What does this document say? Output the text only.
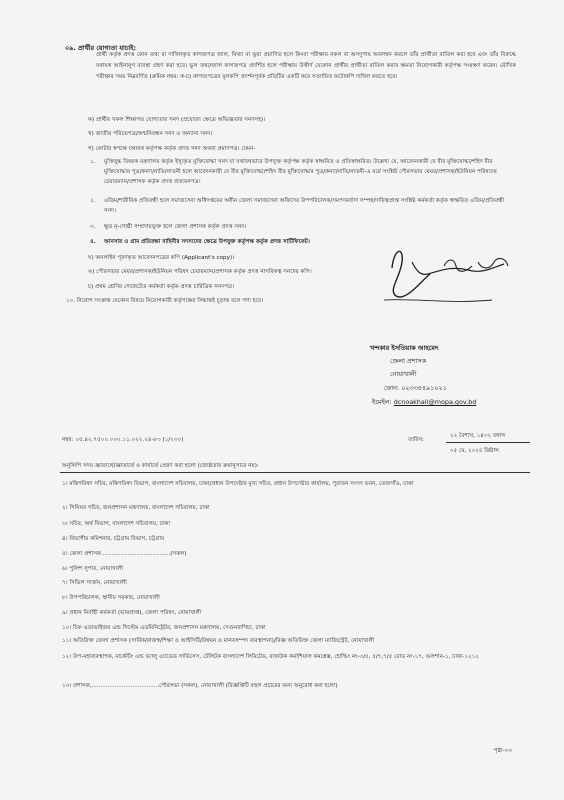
০৯. প্রার্থীর যোগ্যতা যাচাই:
প্রার্থী কর্তৃক প্রদত্ত কোন তথ্য বা দাখিলকৃত কাগজপত্র জাল, মিথ্যা বা ভুয়া প্রমাণিত হলে কিংবা পরীক্ষায় নকল বা অসদুপায় অবলম্বন করলে তাঁর প্রার্থীতা বাতিল করা হবে এবং তাঁর বিরুদ্ধে যথাযথ আইনানুগ ব্যবস্থা গ্রহণ করা হবে। ভুল তথ্য/জাল কাগজপত্র প্রদর্শিত হলে পরীক্ষায় উত্তীর্ণ যেকোন প্রার্থীর প্রার্থীতা বাতিল করার ক্ষমতা নিয়োগকারী কর্তৃপক্ষ সংরক্ষণ করেন। মৌখিক পরীক্ষার সময় নিম্নবর্ণিত (ক্রমিক নম্বর: ক-চ) কাগজপত্রের মূলকপি প্রদর্শনপূর্বক প্রতিটির একটি করে সত্যায়িত ফটোকপি দাখিল করতে হবে।
ক) প্রার্থীর সকল শিক্ষাগত যোগ্যতার সনদ (প্রযোজ্য ক্ষেত্রে অভিজ্ঞতার সনদসহ)।
খ) জাতীয় পরিচয়পত্র/জন্মনিবন্ধন সনদ ও অন্যান্য সনদ।
গ) কোটার স্বপক্ষে যথাযথ কর্তৃপক্ষ কর্তৃক প্রদত্ত সনদ অথবা প্রমাণপত্র। যেমন-
১. মুক্তিযুদ্ধ বিষয়ক মন্ত্রণালয় কর্তৃক ইস্যুকৃত মুক্তিযোদ্ধা সনদ যা যথাযথভাবে উপযুক্ত কর্তৃপক্ষ কর্তৃক স্বাক্ষরিত ও প্রতিস্বাক্ষরিত। উল্লেখ্য যে, আবেদনকারী যে বীর মুক্তিযোদ্ধা/শহিদ বীর মুক্তিযোদ্ধার পুত্র/কন্যা/নাতি/নাতনী হলে আবেদনকারী যে বীর মুক্তিযোদ্ধা/শহিদ বীর মুক্তিযোদ্ধার পুত্র/কন্যা/নাতি/নাতনী-এ মর্মে সংশ্লিষ্ট পৌরসভার মেয়র/প্রশাসক/ইউনিয়ন পরিষদের চেয়ারম্যান/প্রশাসক কর্তৃক প্রদত্ত প্রত্যয়নপত্র।
২. এতিম/শারীরিক প্রতিবন্ধী হলে সমাজসেবা অধিদপ্তরের অধীন জেলা সমাজসেবা অফিসের উপপরিচালক/সমপদমর্যাদা সম্পন্ন/দায়িত্বপ্রাপ্ত সংশ্লিষ্ট কর্মকর্তা কর্তৃক স্বাক্ষরিত এতিম/প্রতিবন্ধী সনদ।
৩. ক্ষুদ্র নৃ-গোষ্ঠী সম্প্রদায়ভুক্ত হলে জেলা প্রশাসক কর্তৃক প্রদত্ত সনদ।
৪. আনসার ও গ্রাম প্রতিরক্ষা বাহিনীর সদস্যদের ক্ষেত্রে উপযুক্ত কর্তৃপক্ষ কর্তৃক প্রদত্ত সার্টিফিকেট।
ঘ) অনলাইন পূরণকৃত আবেদনপত্রের কপি (Applicant's copy)।
ঙ) পৌরসভার মেয়র/প্রশাসক/ইউনিয়ন পরিষদ চেয়ারম্যান/প্রশাসক কর্তৃক প্রদত্ত নাগরিকত্ব সনদের কপি।
চ) প্রথম শ্রেণির গেজেটেড কর্মকর্তা কর্তৃক প্রদত্ত চারিত্রিক সনদপত্র।
১০. নিয়োগ সংক্রান্ত যেকোন বিষয়ে নিয়োগকারী কর্তৃপক্ষের সিদ্ধান্তই চূড়ান্ত বলে গণ্য হবে।
খন্দকার ইসতিয়াক আহমেদ
জেলা প্রশাসক
নোয়াখালী
ফোন: ০২৩৩৪৪৯১০২১
ইমেইল: dcnoakhali@mopa.gov.bd
নম্বর: ০৫.৪২.৭৫০০.০০০.১১.০২২.২৪-৮৩ (১/২৩০)	তারিখ:
২২ বৈশাখ, ১৪৩২ বঙ্গাব্দ
০৫ মে, ২০২৫ খ্রিষ্টাব্দ
অনুলিপি সদয় জ্ঞাতার্থে/জ্ঞাতার্থে ও কার্যার্থে প্রেরণ করা হলো (জ্যেষ্ঠতার ক্রমানুসারে নয়):
১। মন্ত্রিপরিষদ সচিব, মন্ত্রিপরিষদ বিভাগ, বাংলাদেশ সচিবালয়, ঢাকা/প্রধান উপদেষ্টার মুখ্য সচিব, প্রধান উপদেষ্টার কার্যালয়, পুরাতন সংসদ ভবন, তেজগাঁও, ঢাকা
২। সিনিয়র সচিব, জনপ্রশাসন মন্ত্রণালয়, বাংলাদেশ সচিবালয়, ঢাকা
৩। সচিব, অর্থ বিভাগ, বাংলাদেশ সচিবালয়, ঢাকা
৪। বিভাগীয় কমিশনার, চট্টগ্রাম বিভাগ, চট্টগ্রাম
৫। জেলা প্রশাসক.......................................(সকল)
৬। পুলিশ সুপার, নোয়াখালী
৭। সিভিল সার্জন, নোয়াখালী
৮। উপপরিচালক, স্থানীয় সরকার, নোয়াখালী
৯। প্রধান নির্বাহী কর্মকর্তা (ভারপ্রাপ্ত), জেলা পরিষদ, নোয়াখালী
১০। চিফ এডাভাইজর এন্ড সিস্টেম এডমিনিষ্ট্রেটর, জনপ্রশাসন মন্ত্রণালয়, সেগুনবাগিচা, ঢাকা
১১। অতিরিক্ত জেলা প্রশাসক (সার্বিক/রাজস্ব/শিক্ষা ও আইসিটি/উন্নয়ন ও মানবসম্পদ ব্যবস্থাপনা)/বিজ্ঞ অতিরিক্ত জেলা ম্যাজিস্ট্রেট, নোয়াখালী
১২। উপ-মহাব্যবস্থাপক, মার্কেটিং এন্ড ভ্যালু এ্যাডেড সার্ভিসেস, টেলিটক বাংলাদেশ লিমিটেড, রাজউক কর্মাশিয়াল কমপ্লেক্স, হোল্ডিং নং-৩/৫, ৫/৭,৭/৫ রোড নং-১৭, গুলশান-১, ঢাকা-১২১২
১৩। প্রশাসক,......................................পৌরসভা (সকল), নোয়াখালী (বিজ্ঞপ্তিটি বহুল প্রচারের জন্য অনুরোধ করা হলো)
পৃষ্ঠা-০৩
